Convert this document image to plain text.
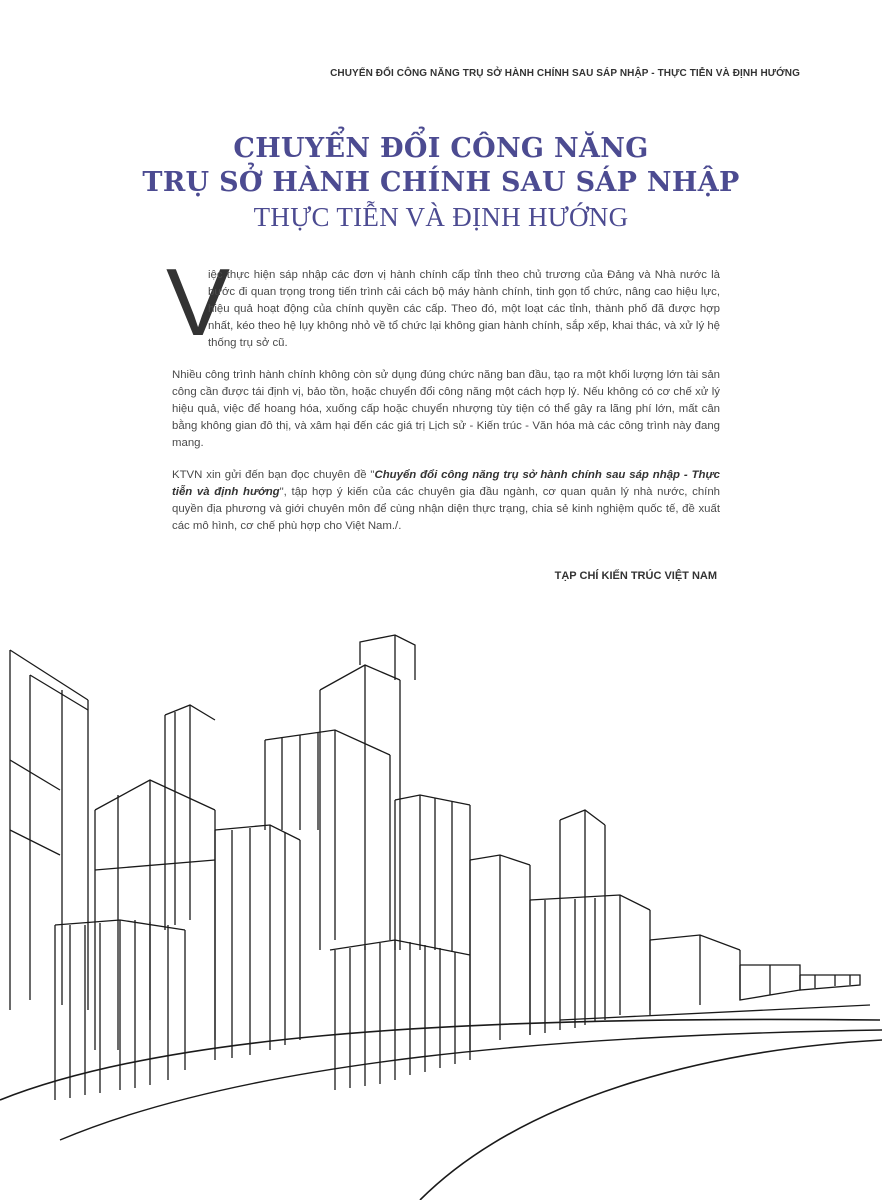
CHUYỂN ĐỔI CÔNG NĂNG TRỤ SỞ HÀNH CHÍNH SAU SÁP NHẬP - THỰC TIỄN VÀ ĐỊNH HƯỚNG
CHUYỂN ĐỔI CÔNG NĂNG
TRỤ SỞ HÀNH CHÍNH SAU SÁP NHẬP
THỰC TIỄN VÀ ĐỊNH HƯỚNG
V

iệc thực hiện sáp nhập các đơn vị hành chính cấp tỉnh theo chủ trương của Đảng và Nhà nước là bước đi quan trọng trong tiến trình cải cách bộ máy hành chính, tinh gọn tổ chức, nâng cao hiệu lực, hiệu quả hoạt động của chính quyền các cấp. Theo đó, một loạt các tỉnh, thành phố đã được hợp nhất, kéo theo hệ lụy không nhỏ về tổ chức lại không gian hành chính, sắp xếp, khai thác, và xử lý hệ thống trụ sở cũ.

Nhiều công trình hành chính không còn sử dụng đúng chức năng ban đầu, tạo ra một khối lượng lớn tài sản công cần được tái định vị, bảo tồn, hoặc chuyển đổi công năng một cách hợp lý. Nếu không có cơ chế xử lý hiệu quả, việc để hoang hóa, xuống cấp hoặc chuyển nhượng tùy tiện có thể gây ra lãng phí lớn, mất cân bằng không gian đô thị, và xâm hại đến các giá trị Lịch sử - Kiến trúc - Văn hóa mà các công trình này đang mang.

KTVN xin gửi đến bạn đọc chuyên đề "Chuyển đổi công năng trụ sở hành chính sau sáp nhập - Thực tiễn và định hướng", tập hợp ý kiến của các chuyên gia đầu ngành, cơ quan quản lý nhà nước, chính quyền địa phương và giới chuyên môn để cùng nhận diện thực trạng, chia sẻ kinh nghiệm quốc tế, đề xuất các mô hình, cơ chế phù hợp cho Việt Nam./.

TẠP CHÍ KIẾN TRÚC VIỆT NAM
